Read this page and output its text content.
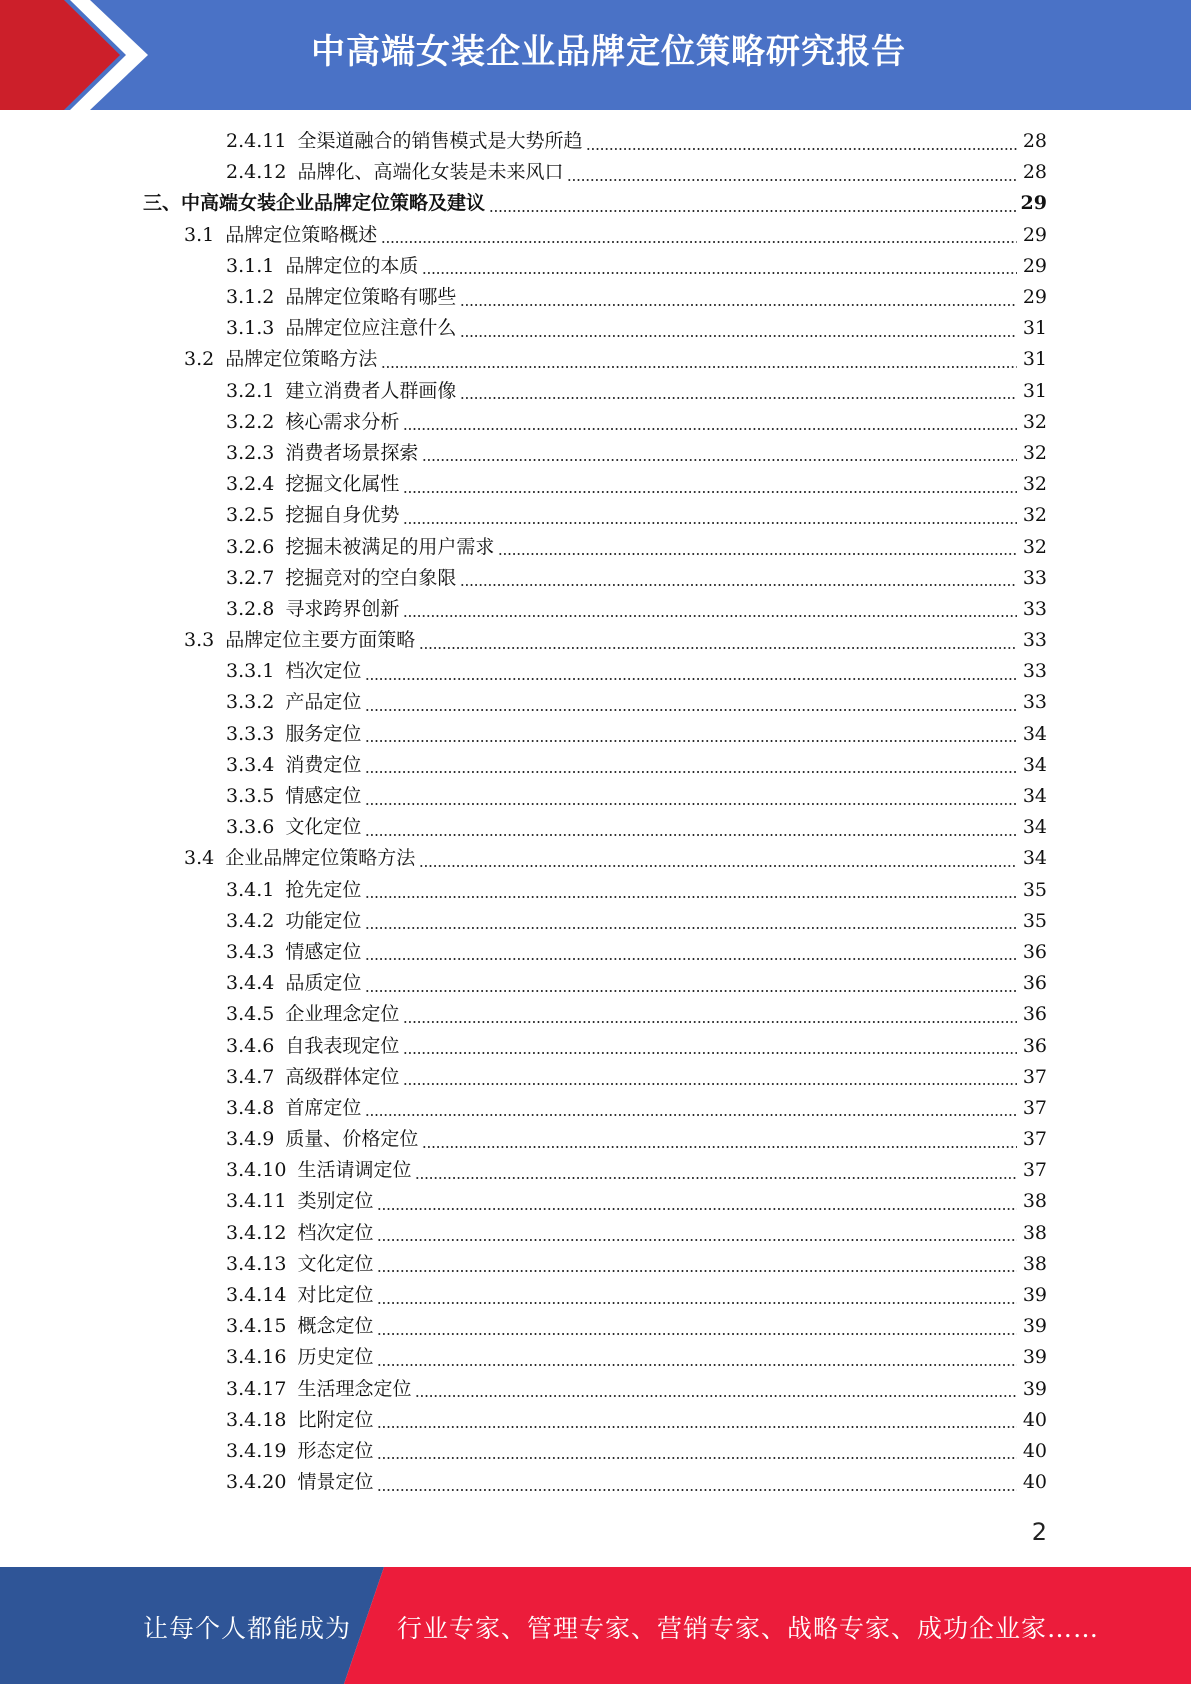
中高端女装企业品牌定位策略研究报告
2.4.11 全渠道融合的销售模式是大势所趋	28
2.4.12 品牌化、高端化女装是未来风口	28
三、中高端女装企业品牌定位策略及建议	29
3.1 品牌定位策略概述	29
3.1.1 品牌定位的本质	29
3.1.2 品牌定位策略有哪些	29
3.1.3 品牌定位应注意什么	31
3.2 品牌定位策略方法	31
3.2.1 建立消费者人群画像	31
3.2.2 核心需求分析	32
3.2.3 消费者场景探索	32
3.2.4 挖掘文化属性	32
3.2.5 挖掘自身优势	32
3.2.6 挖掘未被满足的用户需求	32
3.2.7 挖掘竞对的空白象限	33
3.2.8 寻求跨界创新	33
3.3 品牌定位主要方面策略	33
3.3.1 档次定位	33
3.3.2 产品定位	33
3.3.3 服务定位	34
3.3.4 消费定位	34
3.3.5 情感定位	34
3.3.6 文化定位	34
3.4 企业品牌定位策略方法	34
3.4.1 抢先定位	35
3.4.2 功能定位	35
3.4.3 情感定位	36
3.4.4 品质定位	36
3.4.5 企业理念定位	36
3.4.6 自我表现定位	36
3.4.7 高级群体定位	37
3.4.8 首席定位	37
3.4.9 质量、价格定位	37
3.4.10 生活请调定位	37
3.4.11 类别定位	38
3.4.12 档次定位	38
3.4.13 文化定位	38
3.4.14 对比定位	39
3.4.15 概念定位	39
3.4.16 历史定位	39
3.4.17 生活理念定位	39
3.4.18 比附定位	40
3.4.19 形态定位	40
3.4.20 情景定位	40
2
让每个人都能成为 行业专家、管理专家、营销专家、战略专家、成功企业家……
